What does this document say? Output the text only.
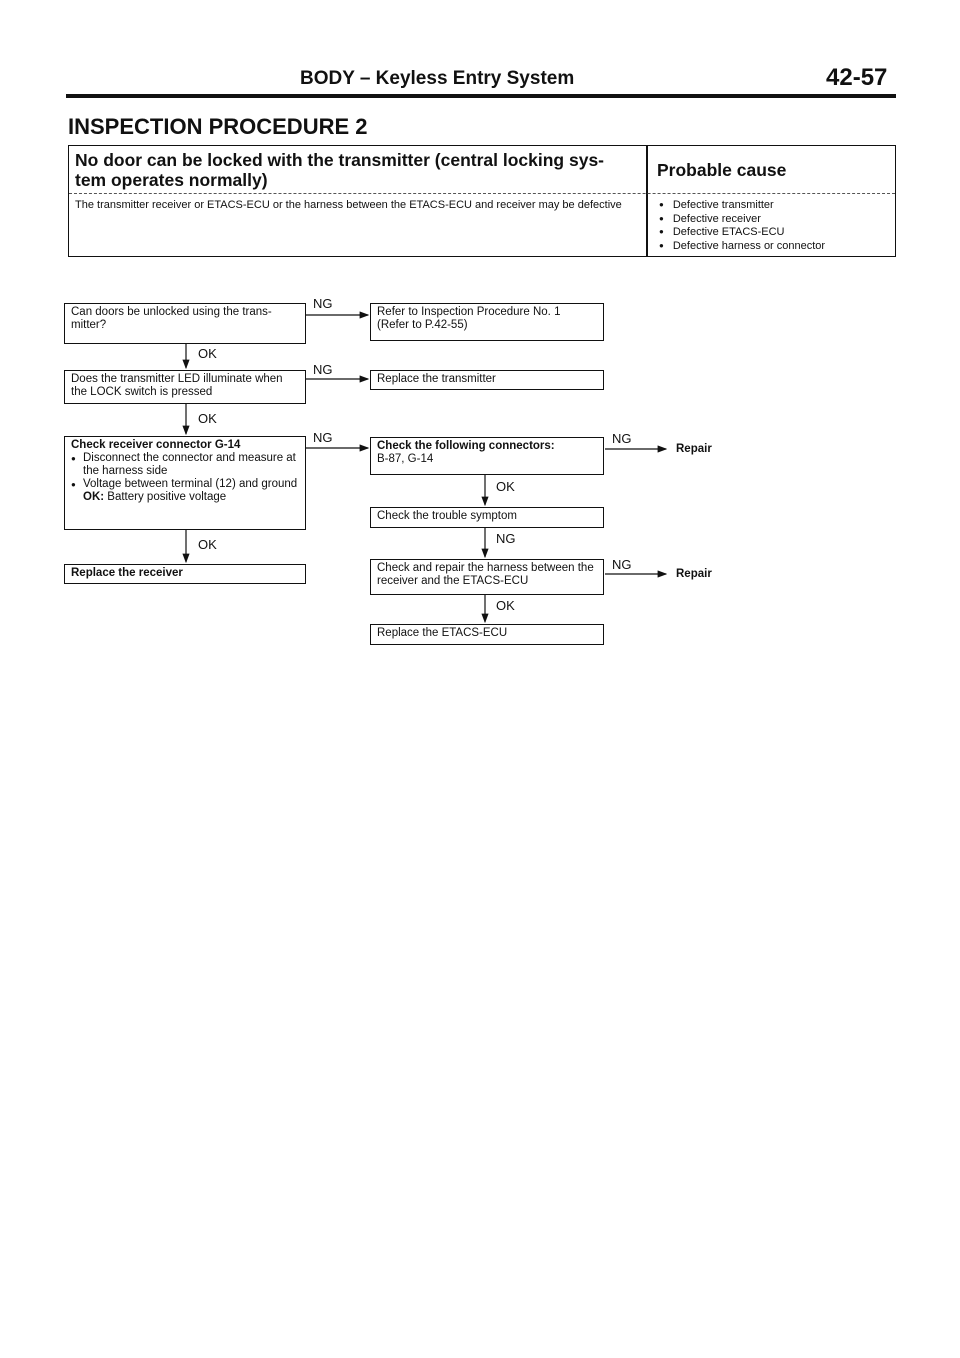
BODY – Keyless Entry System	42-57
INSPECTION PROCEDURE 2
No door can be locked with the transmitter (central locking sys- tem operates normally)	Probable cause
The transmitter receiver or ETACS-ECU or the harness between the ETACS-ECU and receiver may be defective
●	Defective transmitter
● Defective receiver
● Defective ETACS-ECU
● Defective harness or connector
Can doors be unlocked using the trans- mitter?
Refer to Inspection Procedure No. 1
(Refer to P.42-55)
Does the transmitter LED illuminate when the LOCK switch is pressed
Replace the transmitter
Check receiver connector G-14
● Disconnect the connector and measure at the harness side
● Voltage between terminal (12) and ground
OK: Battery positive voltage
Replace the receiver
Check the following connectors:
B-87, G-14
Check the trouble symptom
Check and repair the harness between the receiver and the ETACS-ECU
Replace the ETACS-ECU
NG
NG
NG	NG
NG
NG
OK
OK
OK
OK
OK
Repair
Repair
